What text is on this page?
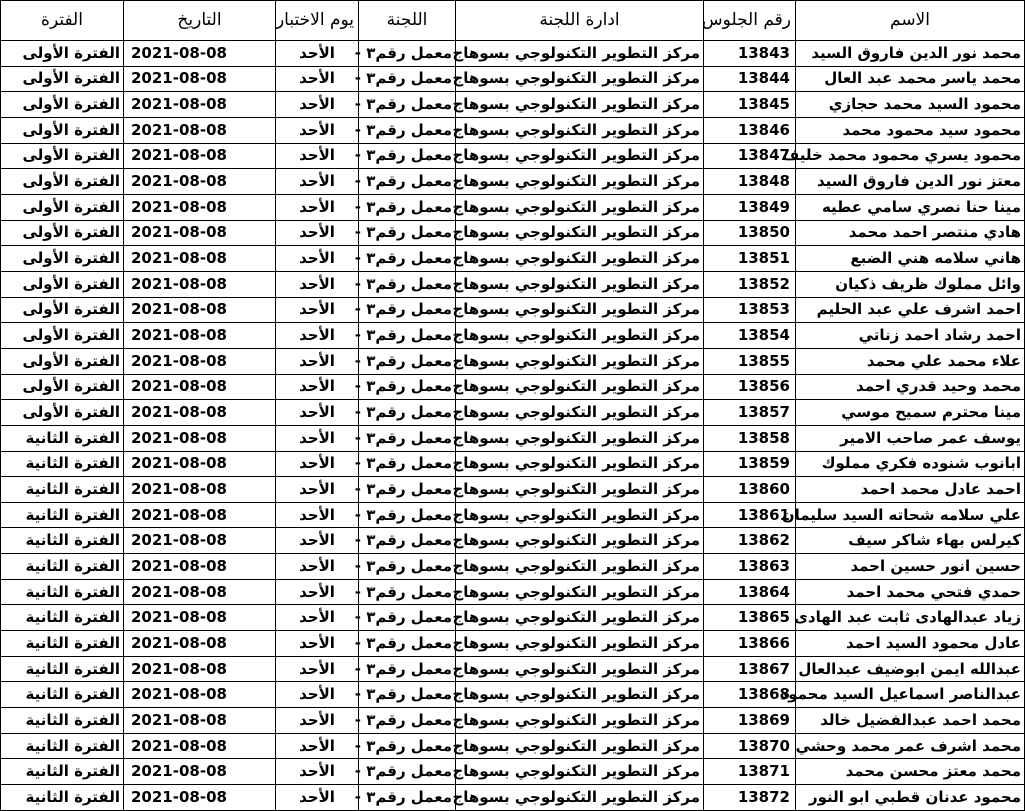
الاسم	رقم الجلوس	ادارة اللجنة	اللجنة	يوم الاختبار	التاريخ	الفترة
محمد نور الدين فاروق السيد	13843	مركز التطوير التكنولوجي بسوهاج	معمل رقم٣ -	الأحد	2021-08-08	الفترة الأولى
محمد ياسر محمد عبد العال	13844	مركز التطوير التكنولوجي بسوهاج	معمل رقم٣ -	الأحد	2021-08-08	الفترة الأولى
محمود السيد محمد حجازي	13845	مركز التطوير التكنولوجي بسوهاج	معمل رقم٣ -	الأحد	2021-08-08	الفترة الأولى
محمود سيد محمود محمد	13846	مركز التطوير التكنولوجي بسوهاج	معمل رقم٣ -	الأحد	2021-08-08	الفترة الأولى
محمود يسري محمود محمد خليف	13847	مركز التطوير التكنولوجي بسوهاج	معمل رقم٣ -	الأحد	2021-08-08	الفترة الأولى
معتز نور الدين فاروق السيد	13848	مركز التطوير التكنولوجي بسوهاج	معمل رقم٣ -	الأحد	2021-08-08	الفترة الأولى
مينا حنا نصري سامي عطيه	13849	مركز التطوير التكنولوجي بسوهاج	معمل رقم٣ -	الأحد	2021-08-08	الفترة الأولى
هادي منتصر احمد محمد	13850	مركز التطوير التكنولوجي بسوهاج	معمل رقم٣ -	الأحد	2021-08-08	الفترة الأولى
هاني سلامه هني الضبع	13851	مركز التطوير التكنولوجي بسوهاج	معمل رقم٣ -	الأحد	2021-08-08	الفترة الأولى
وائل مملوك ظريف ذكيان	13852	مركز التطوير التكنولوجي بسوهاج	معمل رقم٣ -	الأحد	2021-08-08	الفترة الأولى
احمد اشرف علي عبد الحليم	13853	مركز التطوير التكنولوجي بسوهاج	معمل رقم٣ -	الأحد	2021-08-08	الفترة الأولى
احمد رشاد احمد زناتي	13854	مركز التطوير التكنولوجي بسوهاج	معمل رقم٣ -	الأحد	2021-08-08	الفترة الأولى
علاء محمد علي محمد	13855	مركز التطوير التكنولوجي بسوهاج	معمل رقم٣ -	الأحد	2021-08-08	الفترة الأولى
محمد وحيد قدري احمد	13856	مركز التطوير التكنولوجي بسوهاج	معمل رقم٣ -	الأحد	2021-08-08	الفترة الأولى
مينا محترم سميح موسي	13857	مركز التطوير التكنولوجي بسوهاج	معمل رقم٣ -	الأحد	2021-08-08	الفترة الأولى
يوسف عمر صاحب الامير	13858	مركز التطوير التكنولوجي بسوهاج	معمل رقم٣ -	الأحد	2021-08-08	الفترة الثانية
ابانوب شنوده فكري مملوك	13859	مركز التطوير التكنولوجي بسوهاج	معمل رقم٣ -	الأحد	2021-08-08	الفترة الثانية
احمد عادل محمد احمد	13860	مركز التطوير التكنولوجي بسوهاج	معمل رقم٣ -	الأحد	2021-08-08	الفترة الثانية
علي سلامه شحاته السيد سليمان	13861	مركز التطوير التكنولوجي بسوهاج	معمل رقم٣ -	الأحد	2021-08-08	الفترة الثانية
كيرلس بهاء شاكر سيف	13862	مركز التطوير التكنولوجي بسوهاج	معمل رقم٣ -	الأحد	2021-08-08	الفترة الثانية
حسين انور حسين احمد	13863	مركز التطوير التكنولوجي بسوهاج	معمل رقم٣ -	الأحد	2021-08-08	الفترة الثانية
حمدي فتحي محمد احمد	13864	مركز التطوير التكنولوجي بسوهاج	معمل رقم٣ -	الأحد	2021-08-08	الفترة الثانية
زياد عبدالهادى ثابت عبد الهادى	13865	مركز التطوير التكنولوجي بسوهاج	معمل رقم٣ -	الأحد	2021-08-08	الفترة الثانية
عادل محمود السيد احمد	13866	مركز التطوير التكنولوجي بسوهاج	معمل رقم٣ -	الأحد	2021-08-08	الفترة الثانية
عبدالله ايمن ابوضيف عبدالعال	13867	مركز التطوير التكنولوجي بسوهاج	معمل رقم٣ -	الأحد	2021-08-08	الفترة الثانية
عبدالناصر اسماعيل السيد محمود	13868	مركز التطوير التكنولوجي بسوهاج	معمل رقم٣ -	الأحد	2021-08-08	الفترة الثانية
محمد احمد عبدالفضيل خالد	13869	مركز التطوير التكنولوجي بسوهاج	معمل رقم٣ -	الأحد	2021-08-08	الفترة الثانية
محمد اشرف عمر محمد وحشي	13870	مركز التطوير التكنولوجي بسوهاج	معمل رقم٣ -	الأحد	2021-08-08	الفترة الثانية
محمد معتز محسن محمد	13871	مركز التطوير التكنولوجي بسوهاج	معمل رقم٣ -	الأحد	2021-08-08	الفترة الثانية
محمود عدنان قطبي ابو النور	13872	مركز التطوير التكنولوجي بسوهاج	معمل رقم٣ -	الأحد	2021-08-08	الفترة الثانية
